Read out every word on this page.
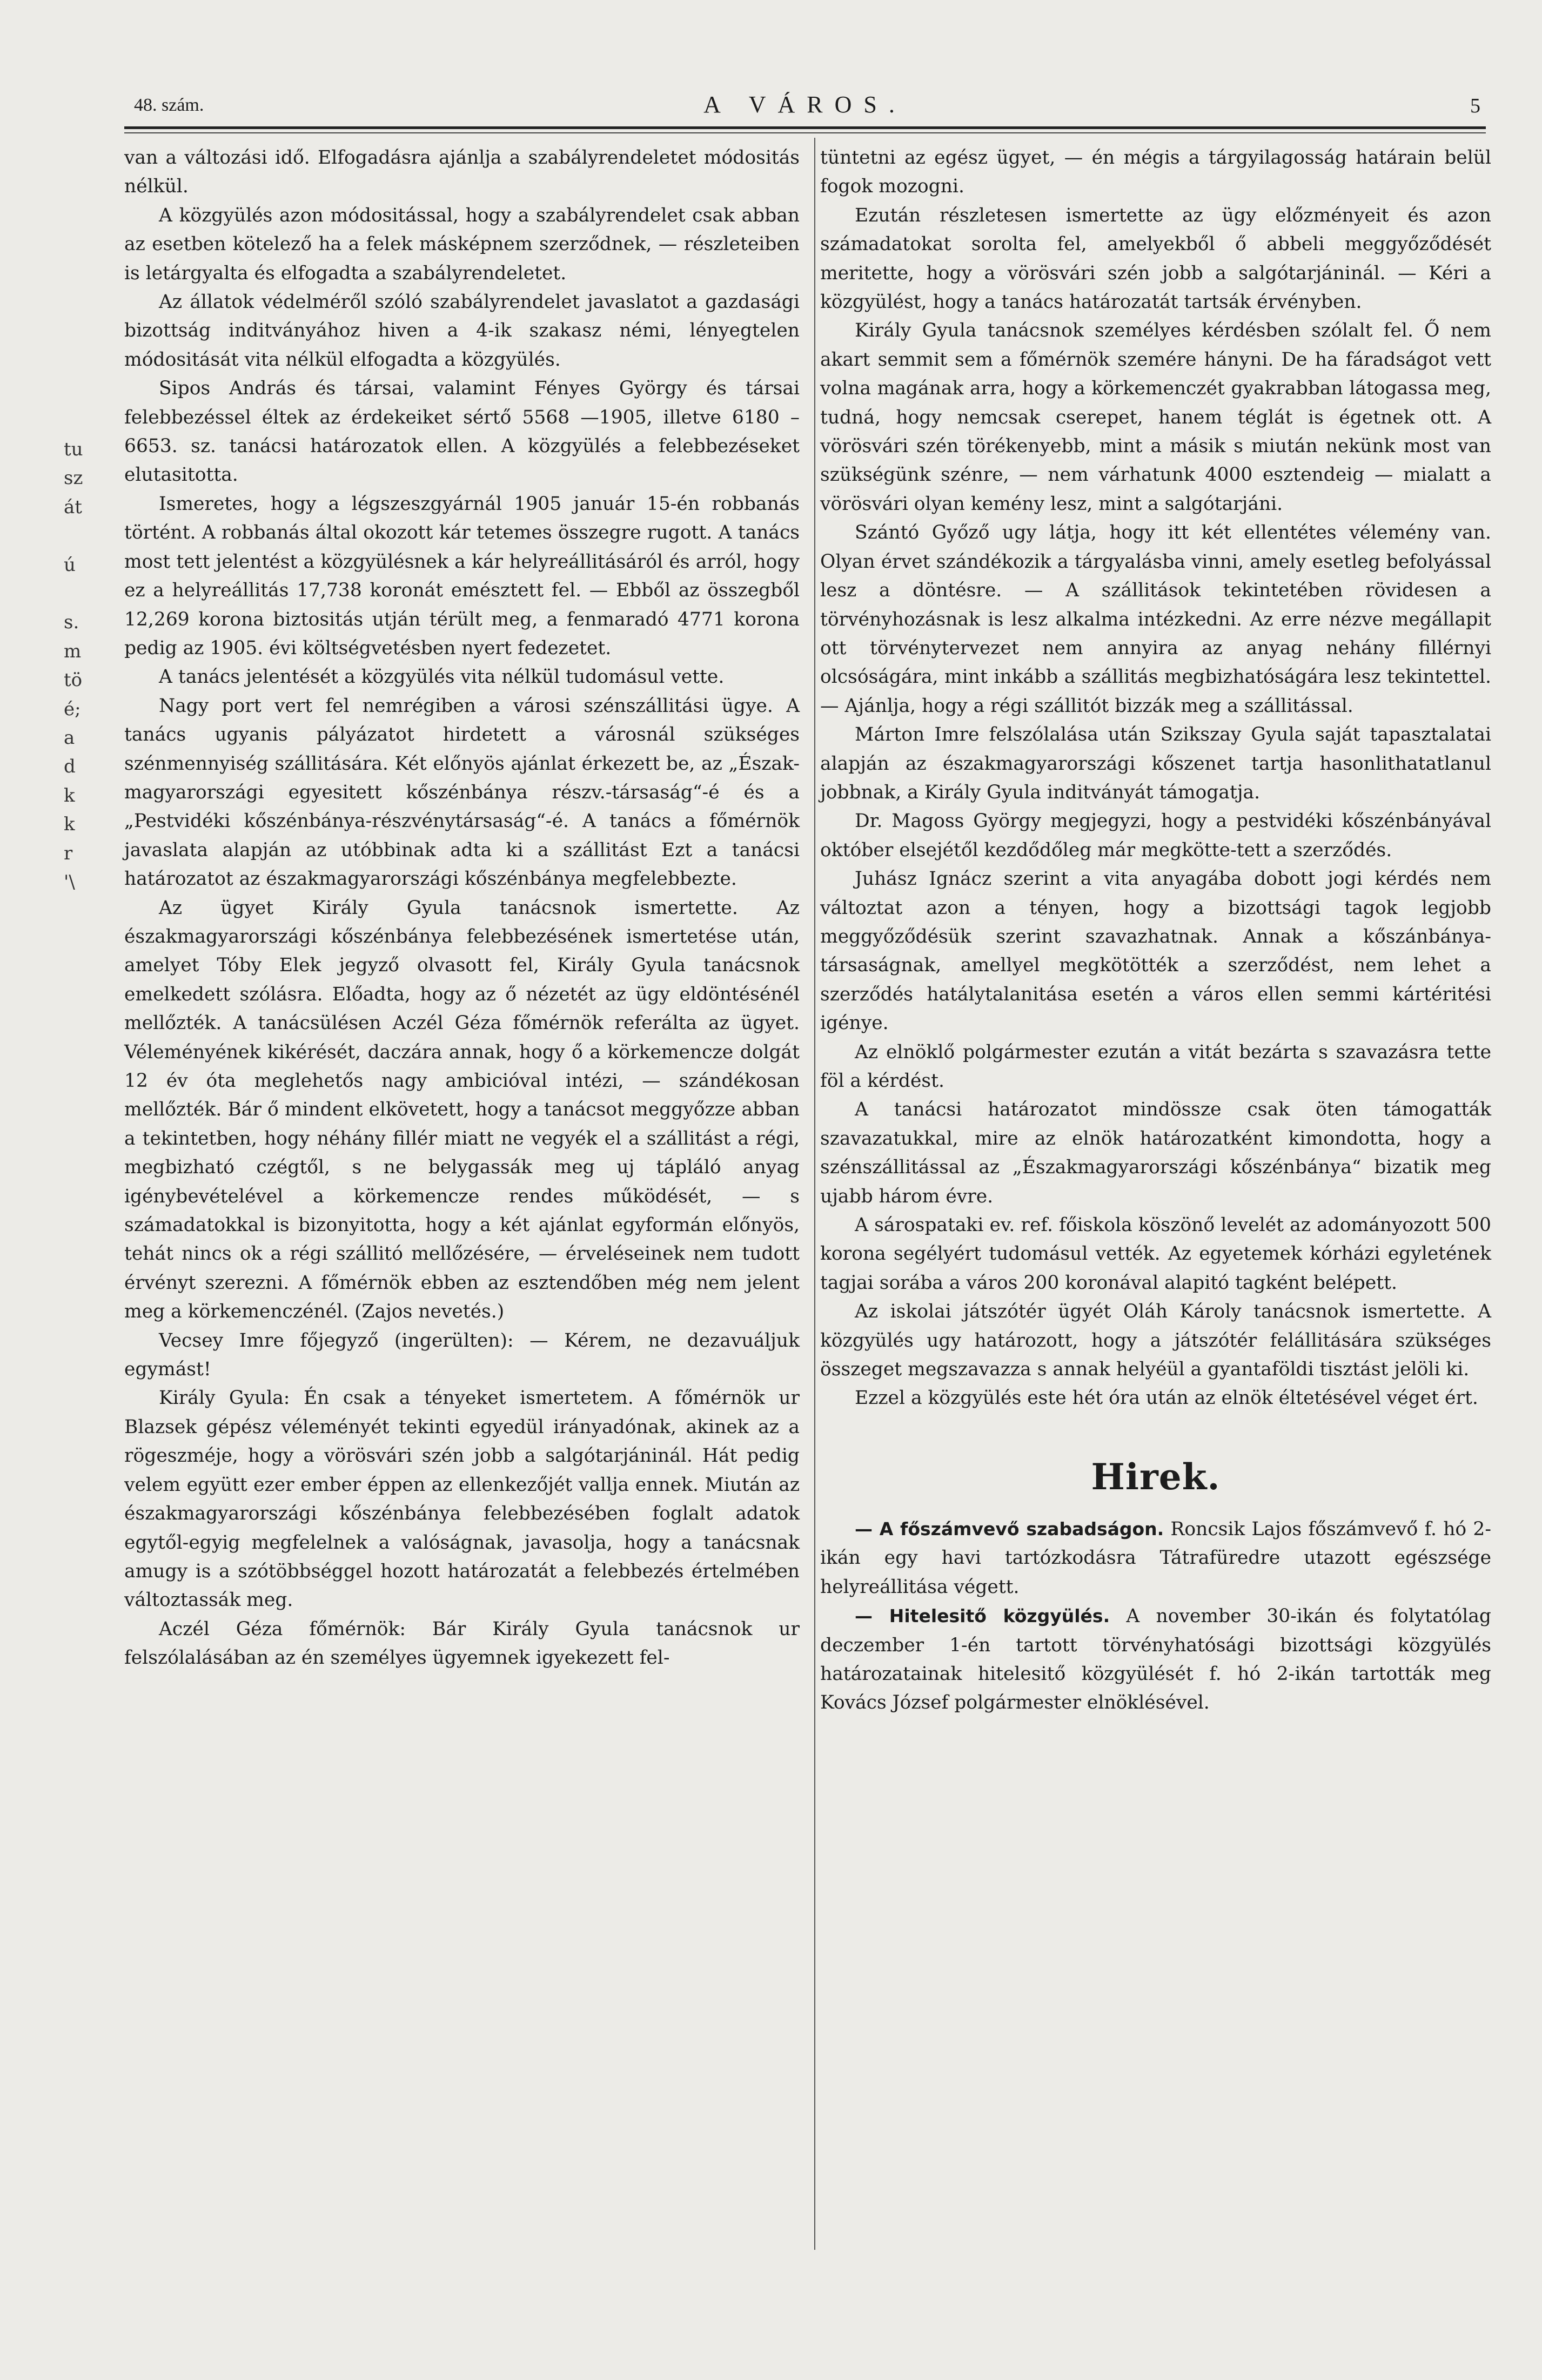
48. szám.	A VÁROS.	5
tu
sz
át

ú

s.
m
tö
é;
a
d
k
k
r
'\

van a változási idő. Elfogadásra ajánlja a szabályrendeletet módositás nélkül.

A közgyülés azon módositással, hogy a szabályrendelet csak abban az esetben kötelező ha a felek másképnem szerződnek, — részleteiben is letárgyalta és elfogadta a szabályrendeletet.

Az állatok védelméről szóló szabályrendelet javaslatot a gazdasági bizottság inditványához hiven a 4-ik szakasz némi, lényegtelen módositását vita nélkül elfogadta a közgyülés.

Sipos András és társai, valamint Fényes György és társai felebbezéssel éltek az érdekeiket sértő 5568 —1905, illetve 6180 – 6653. sz. tanácsi határozatok ellen. A közgyülés a felebbezéseket elutasitotta.

Ismeretes, hogy a légszeszgyárnál 1905 január 15-én robbanás történt. A robbanás által okozott kár tetemes összegre rugott. A tanács most tett jelentést a közgyülésnek a kár helyreállitásáról és arról, hogy ez a helyreállitás 17,738 koronát emésztett fel. — Ebből az összegből 12,269 korona biztositás utján térült meg, a fenmaradó 4771 korona pedig az 1905. évi költségvetésben nyert fedezetet.

A tanács jelentését a közgyülés vita nélkül tudomásul vette.

Nagy port vert fel nemrégiben a városi szénszállitási ügye. A tanács ugyanis pályázatot hirdetett a városnál szükséges szénmennyiség szállitására. Két előnyös ajánlat érkezett be, az „Észak-magyarországi egyesitett kőszénbánya részv.-társaság“-é és a „Pestvidéki kőszénbánya-részvénytársaság“-é. A tanács a főmérnök javaslata alapján az utóbbinak adta ki a szállitást Ezt a tanácsi határozatot az északmagyarországi kőszénbánya megfelebbezte.

Az ügyet Király Gyula tanácsnok ismertette. Az északmagyarországi kőszénbánya felebbezésének ismertetése után, amelyet Tóby Elek jegyző olvasott fel, Király Gyula tanácsnok emelkedett szólásra. Előadta, hogy az ő nézetét az ügy eldöntésénél mellőzték. A tanácsülésen Aczél Géza főmérnök referálta az ügyet. Véleményének kikérését, daczára annak, hogy ő a körkemencze dolgát 12 év óta meglehetős nagy ambicióval intézi, — szándékosan mellőzték. Bár ő mindent elkövetett, hogy a tanácsot meggyőzze abban a tekintetben, hogy néhány fillér miatt ne vegyék el a szállitást a régi, megbizható czégtől, s ne belygassák meg uj tápláló anyag igénybevételével a körkemencze rendes működését, — s számadatokkal is bizonyitotta, hogy a két ajánlat egyformán előnyös, tehát nincs ok a régi szállitó mellőzésére, — érveléseinek nem tudott érvényt szerezni. A főmérnök ebben az esztendőben még nem jelent meg a körkemenczénél. (Zajos nevetés.)

Vecsey Imre főjegyző (ingerülten): — Kérem, ne dezavuáljuk egymást!

Király Gyula: Én csak a tényeket ismertetem. A főmérnök ur Blazsek gépész véleményét tekinti egyedül irányadónak, akinek az a rögeszméje, hogy a vörösvári szén jobb a salgótarjáninál. Hát pedig velem együtt ezer ember éppen az ellenkezőjét vallja ennek. Miután az északmagyarországi kőszénbánya felebbezésében foglalt adatok egytől-egyig megfelelnek a valóságnak, javasolja, hogy a tanácsnak amugy is a szótöbbséggel hozott határozatát a felebbezés értelmében változtassák meg.

Aczél Géza főmérnök: Bár Király Gyula tanácsnok ur felszólalásában az én személyes ügyemnek igyekezett fel-

tüntetni az egész ügyet, — én mégis a tárgyilagosság határain belül fogok mozogni.

Ezután részletesen ismertette az ügy előzményeit és azon számadatokat sorolta fel, amelyekből ő abbeli meggyőződését meritette, hogy a vörösvári szén jobb a salgótarjáninál. — Kéri a közgyülést, hogy a tanács határozatát tartsák érvényben.

Király Gyula tanácsnok személyes kérdésben szólalt fel. Ő nem akart semmit sem a főmérnök szemére hányni. De ha fáradságot vett volna magának arra, hogy a körkemenczét gyakrabban látogassa meg, tudná, hogy nemcsak cserepet, hanem téglát is égetnek ott. A vörösvári szén törékenyebb, mint a másik s miután nekünk most van szükségünk szénre, — nem várhatunk 4000 esztendeig — mialatt a vörösvári olyan kemény lesz, mint a salgótarjáni.

Szántó Győző ugy látja, hogy itt két ellentétes vélemény van. Olyan érvet szándékozik a tárgyalásba vinni, amely esetleg befolyással lesz a döntésre. — A szállitások tekintetében rövidesen a törvényhozásnak is lesz alkalma intézkedni. Az erre nézve megállapit ott törvénytervezet nem annyira az anyag nehány fillérnyi olcsóságára, mint inkább a szállitás megbizhatóságára lesz tekintettel. — Ajánlja, hogy a régi szállitót bizzák meg a szállitással.

Márton Imre felszólalása után Szikszay Gyula saját tapasztalatai alapján az északmagyarországi kőszenet tartja hasonlithatatlanul jobbnak, a Király Gyula inditványát támogatja.

Dr. Magoss György megjegyzi, hogy a pestvidéki kőszénbányával október elsejétől kezdődőleg már megkötte-tett a szerződés.

Juhász Ignácz szerint a vita anyagába dobott jogi kérdés nem változtat azon a tényen, hogy a bizottsági tagok legjobb meggyőződésük szerint szavazhatnak. Annak a kőszánbánya-társaságnak, amellyel megkötötték a szerződést, nem lehet a szerződés hatálytalanitása esetén a város ellen semmi kártéritési igénye.

Az elnöklő polgármester ezután a vitát bezárta s szavazásra tette föl a kérdést.

A tanácsi határozatot mindössze csak öten támogatták szavazatukkal, mire az elnök határozatként kimondotta, hogy a szénszállitással az „Északmagyarországi kőszénbánya“ bizatik meg ujabb három évre.

A sárospataki ev. ref. főiskola köszönő levelét az adományozott 500 korona segélyért tudomásul vették. Az egyetemek kórházi egyletének tagjai sorába a város 200 koronával alapitó tagként belépett.

Az iskolai játszótér ügyét Oláh Károly tanácsnok ismertette. A közgyülés ugy határozott, hogy a játszótér felállitására szükséges összeget megszavazza s annak helyéül a gyantaföldi tisztást jelöli ki.

Ezzel a közgyülés este hét óra után az elnök éltetésével véget ért.

Hirek.

— A főszámvevő szabadságon. Roncsik Lajos főszámvevő f. hó 2-ikán egy havi tartózkodásra Tátrafüredre utazott egészsége helyreállitása végett.

— Hitelesitő közgyülés. A november 30-ikán és folytatólag deczember 1-én tartott törvényhatósági bizottsági közgyülés határozatainak hitelesitő közgyülését f. hó 2-ikán tartották meg Kovács József polgármester elnöklésével.
